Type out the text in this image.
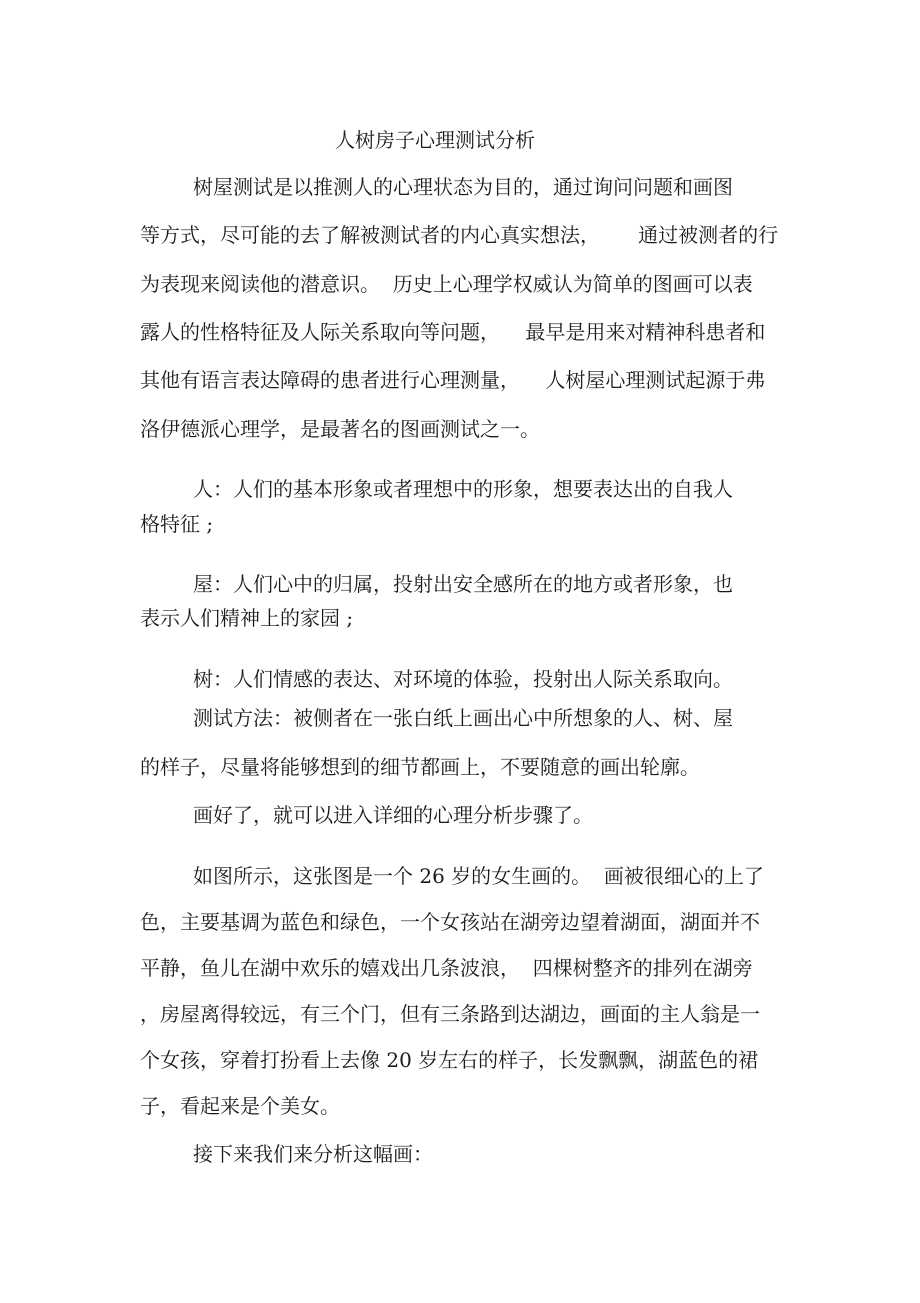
人树房子心理测试分析
树屋测试是以推测人的心理状态为目的，通过询问问题和画图
等方式，尽可能的去了解被测试者的内心真实想法，      通过被测者的行
为表现来阅读他的潜意识。  历史上心理学权威认为简单的图画可以表
露人的性格特征及人际关系取向等问题，    最早是用来对精神科患者和
其他有语言表达障碍的患者进行心理测量，    人树屋心理测试起源于弗
洛伊德派心理学，是最著名的图画测试之一。
人：人们的基本形象或者理想中的形象，想要表达出的自我人
格特征 ;
屋：人们心中的归属，投射出安全感所在的地方或者形象，也
表示人们精神上的家园 ;
树：人们情感的表达、对环境的体验，投射出人际关系取向。
测试方法：被侧者在一张白纸上画出心中所想象的人、树、屋
的样子，尽量将能够想到的细节都画上，不要随意的画出轮廓。
画好了，就可以进入详细的心理分析步骤了。
如图所示，这张图是一个 26 岁的女生画的。  画被很细心的上了
色，主要基调为蓝色和绿色，一个女孩站在湖旁边望着湖面，湖面并不
平静，鱼儿在湖中欢乐的嬉戏出几条波浪，  四棵树整齐的排列在湖旁
，房屋离得较远，有三个门，但有三条路到达湖边，画面的主人翁是一
个女孩，穿着打扮看上去像 20 岁左右的样子，长发飘飘，湖蓝色的裙
子，看起来是个美女。
接下来我们来分析这幅画：
